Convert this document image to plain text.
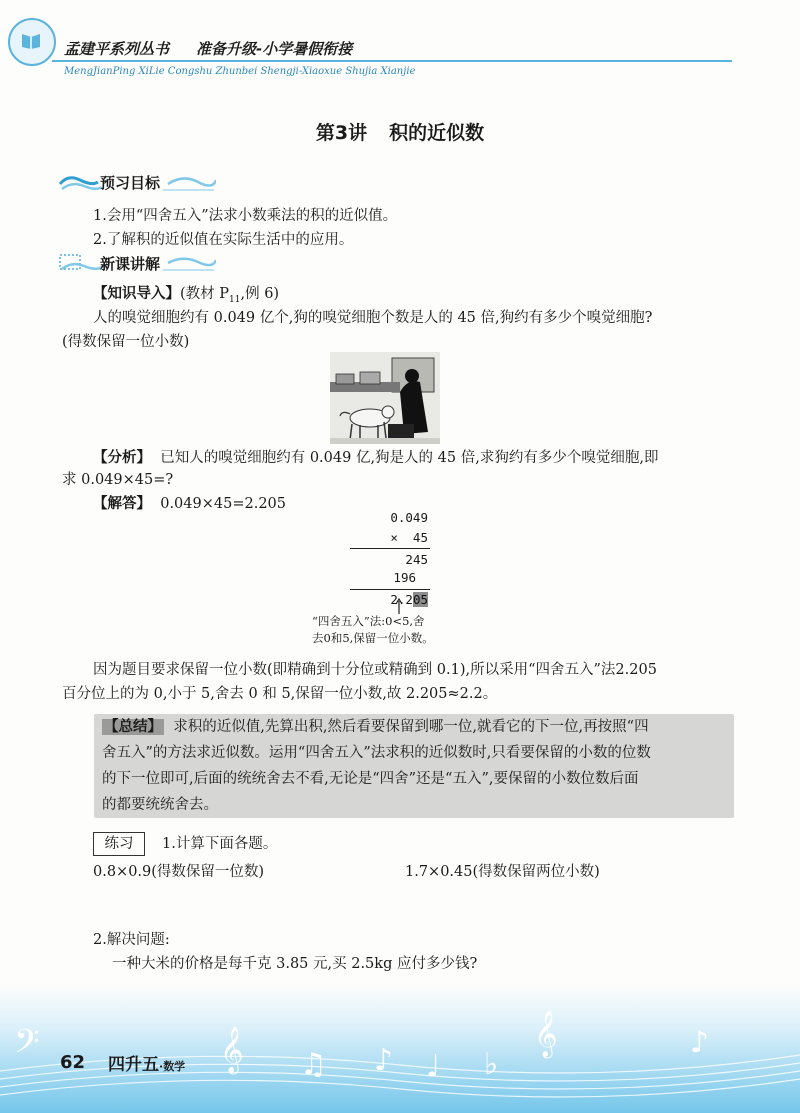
孟建平系列丛书 准备升级-小学暑假衔接
MengJianPing XiLie Congshu Zhunbei Shengji-Xiaoxue Shujia Xianjie
第3讲 积的近似数
预习目标
1.会用“四舍五入”法求小数乘法的积的近似值。
2.了解积的近似值在实际生活中的应用。
新课讲解
【知识导入】(教材 $P_{11}$,例 6)
人的嗅觉细胞约有 0.049 亿个,狗的嗅觉细胞个数是人的 45 倍,狗约有多少个嗅觉细胞?
(得数保留一位小数)
【分析】 已知人的嗅觉细胞约有 0.049 亿,狗是人的 45 倍,求狗约有多少个嗅觉细胞,即
求 0.049×45=?
【解答】 0.049×45=2.205
0.049
×  45
245
196
2.205
“四舍五入”法:0<5,舍
去0和5,保留一位小数。
因为题目要求保留一位小数(即精确到十分位或精确到 0.1),所以采用“四舍五入”法2.205
百分位上的为 0,小于 5,舍去 0 和 5,保留一位小数,故 2.205≈2.2。
【总结】 求积的近似值,先算出积,然后看要保留到哪一位,就看它的下一位,再按照“四
舍五入”的方法求近似数。运用“四舍五入”法求积的近似数时,只看要保留的小数的位数
的下一位即可,后面的统统舍去不看,无论是“四舍”还是“五入”,要保留的小数位数后面
的都要统统舍去。
练习	1.计算下面各题。
0.8×0.9(得数保留一位数)	1.7×0.45(得数保留两位小数)
2.解决问题:
一种大米的价格是每千克 3.85 元,买 2.5kg 应付多少钱?
𝄢	𝄞 ♫ ♪ ♩ ♭
𝄞	♪
62 四升五·数学
